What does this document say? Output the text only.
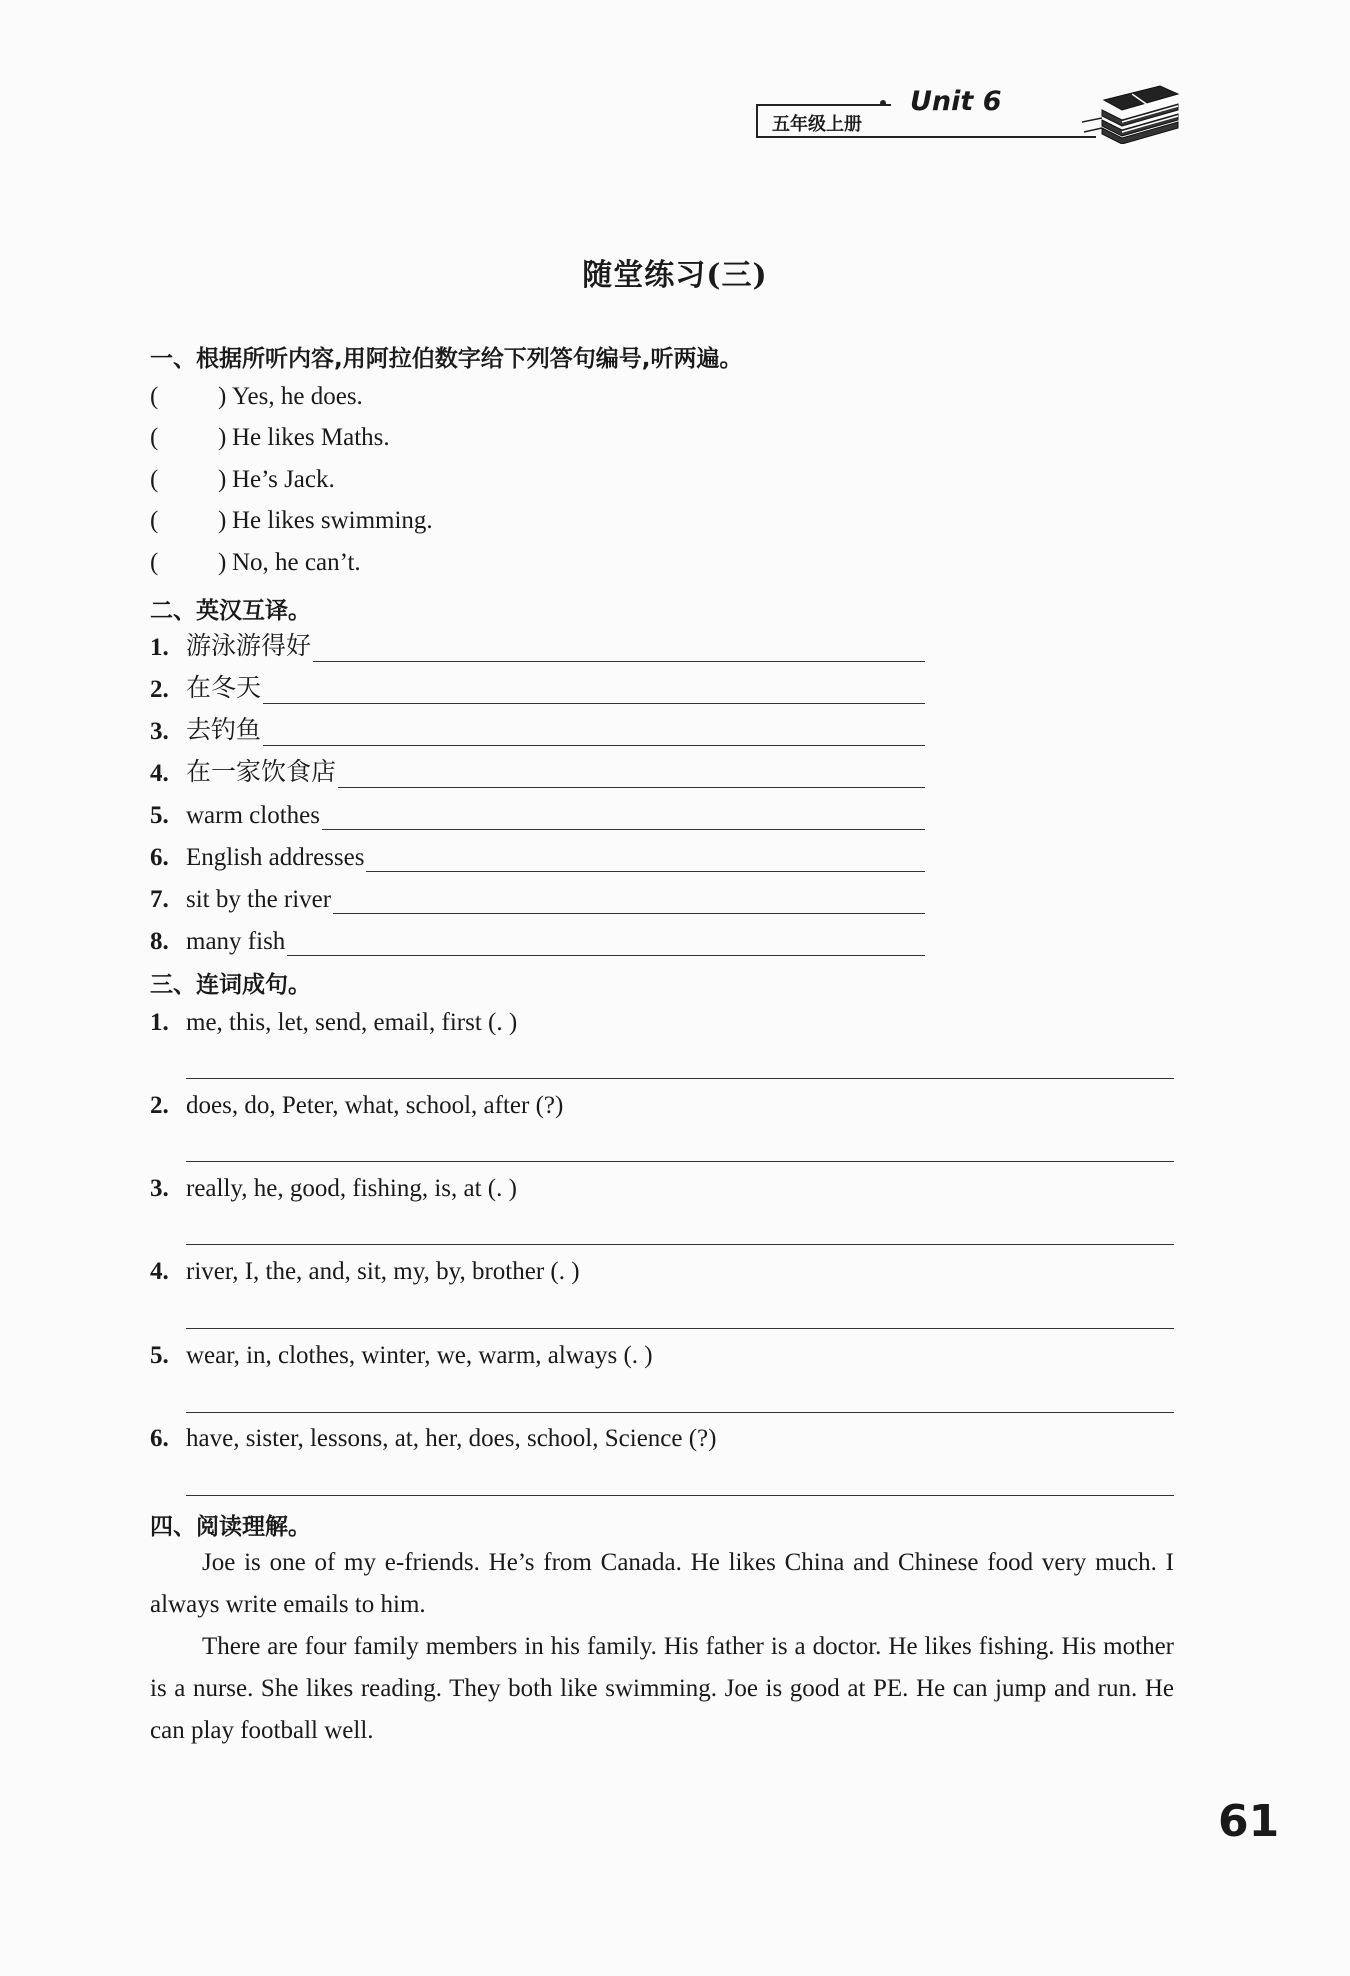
五年级上册
Unit 6
随堂练习(三)
一、根据所听内容,用阿拉伯数字给下列答句编号,听两遍。
( ) Yes, he does.
( ) He likes Maths.
( ) He’s Jack.
( ) He likes swimming.
( ) No, he can’t.
二、英汉互译。
1. 游泳游得好
2. 在冬天
3. 去钓鱼
4. 在一家饮食店
5. warm clothes
6. English addresses
7. sit by the river
8. many fish
三、连词成句。
1. me, this, let, send, email, first (. )
2. does, do, Peter, what, school, after (?)
3. really, he, good, fishing, is, at (. )
4. river, I, the, and, sit, my, by, brother (. )
5. wear, in, clothes, winter, we, warm, always (. )
6. have, sister, lessons, at, her, does, school, Science (?)
四、阅读理解。

Joe is one of my e-friends. He’s from Canada. He likes China and Chinese food very much. I always write emails to him.

There are four family members in his family. His father is a doctor. He likes fishing. His mother is a nurse. She likes reading. They both like swimming. Joe is good at PE. He can jump and run. He can play football well.

61
